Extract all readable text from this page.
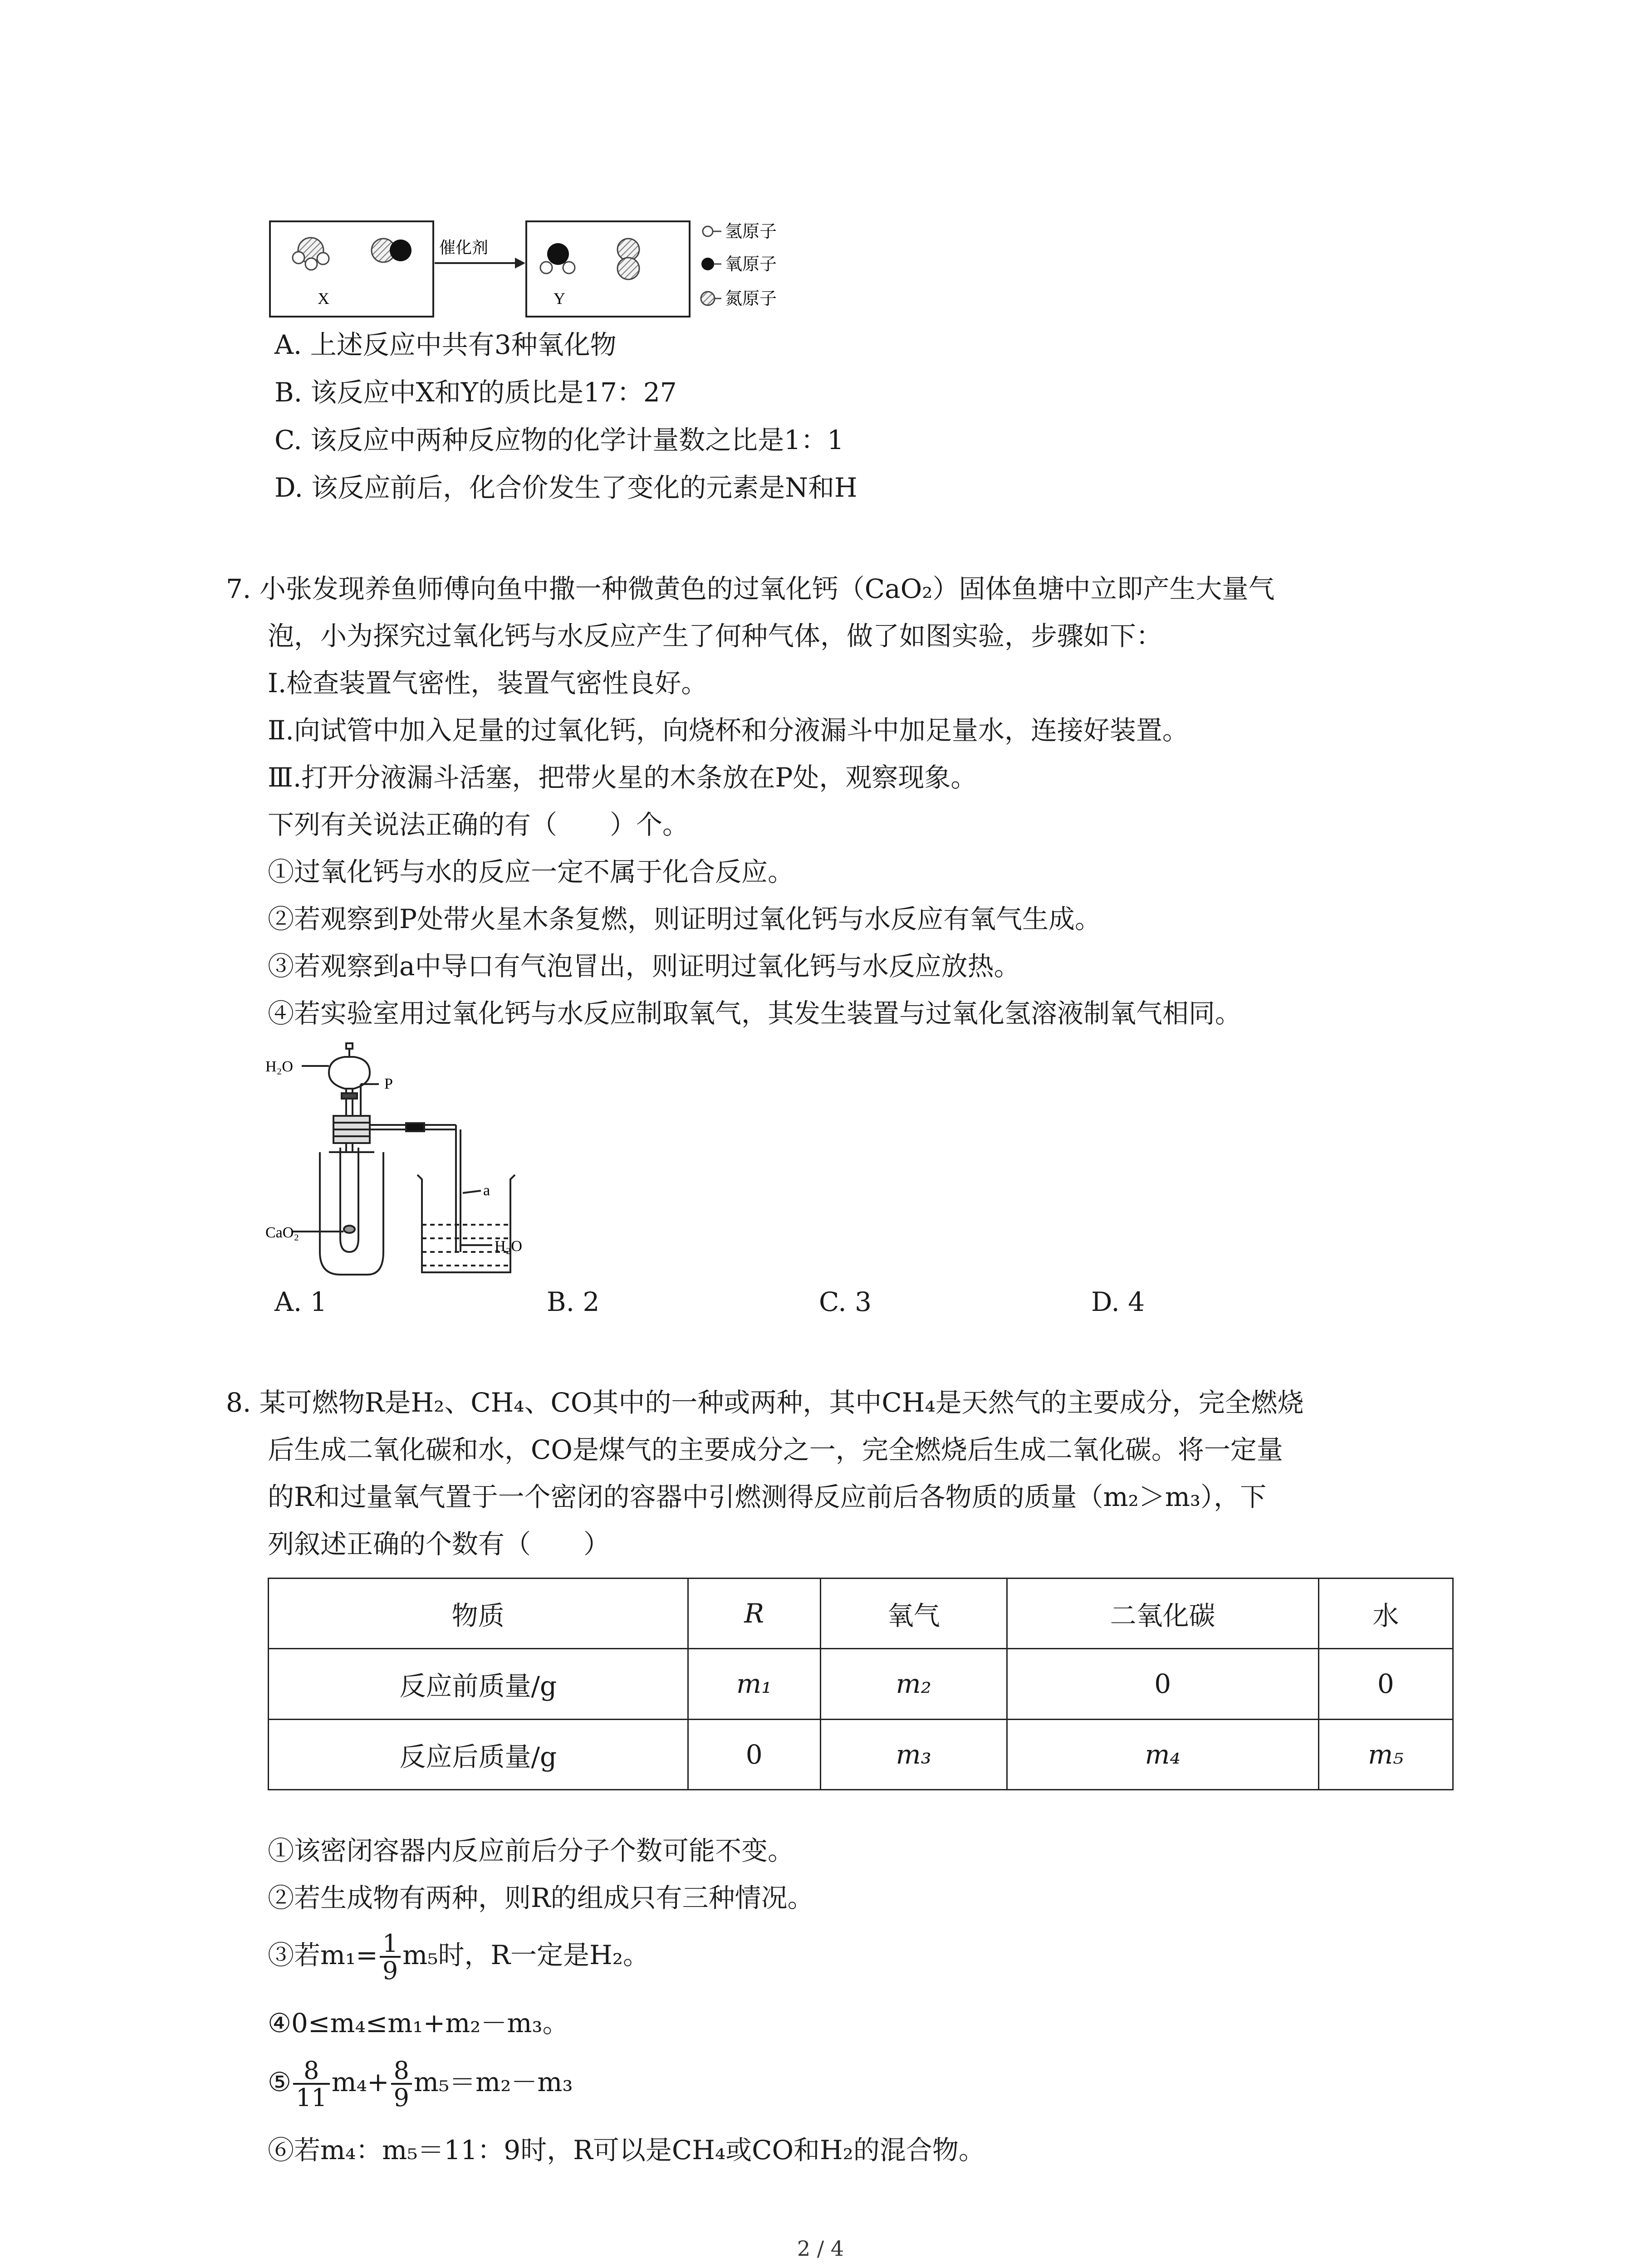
X
催化剂
Y
氢原子
氧原子
氮原子
A. 上述反应中共有3种氧化物
B. 该反应中X和Y的质比是17：27
C. 该反应中两种反应物的化学计量数之比是1：1
D. 该反应前后，化合价发生了变化的元素是N和H
7. 小张发现养鱼师傅向鱼中撒一种微黄色的过氧化钙（CaO₂）固体鱼塘中立即产生大量气
泡，小为探究过氧化钙与水反应产生了何种气体，做了如图实验，步骤如下：
Ⅰ.检查装置气密性，装置气密性良好。
Ⅱ.向试管中加入足量的过氧化钙，向烧杯和分液漏斗中加足量水，连接好装置。
Ⅲ.打开分液漏斗活塞，把带火星的木条放在P处，观察现象。
下列有关说法正确的有（　　）个。
①过氧化钙与水的反应一定不属于化合反应。
②若观察到P处带火星木条复燃，则证明过氧化钙与水反应有氧气生成。
③若观察到a中导口有气泡冒出，则证明过氧化钙与水反应放热。
④若实验室用过氧化钙与水反应制取氧气，其发生装置与过氧化氢溶液制氧气相同。
H₂O
P
a
CaO₂
H₂O
A. 1	B. 2	C. 3	D. 4
8. 某可燃物R是H₂、CH₄、CO其中的一种或两种，其中CH₄是天然气的主要成分，完全燃烧
后生成二氧化碳和水，CO是煤气的主要成分之一，完全燃烧后生成二氧化碳。将一定量
的R和过量氧气置于一个密闭的容器中引燃测得反应前后各物质的质量（m₂＞m₃），下
列叙述正确的个数有（　　）
物质	R	氧气	二氧化碳	水
反应前质量/g	m₁	m₂	0	0
反应后质量/g	0	m₃	m₄	m₅
①该密闭容器内反应前后分子个数可能不变。
②若生成物有两种，则R的组成只有三种情况。
③若$m_1= \frac{1}{9} m_5$时，R一定是H₂。
④0≤m₄≤m₁+m₂－m₃。
⑤ $\frac{8}{11} m_4+ \frac{8}{9} m_5=m_2-m_3$
⑥若m₄：m₅＝11：9时，R可以是CH₄或CO和H₂的混合物。
2 / 4
